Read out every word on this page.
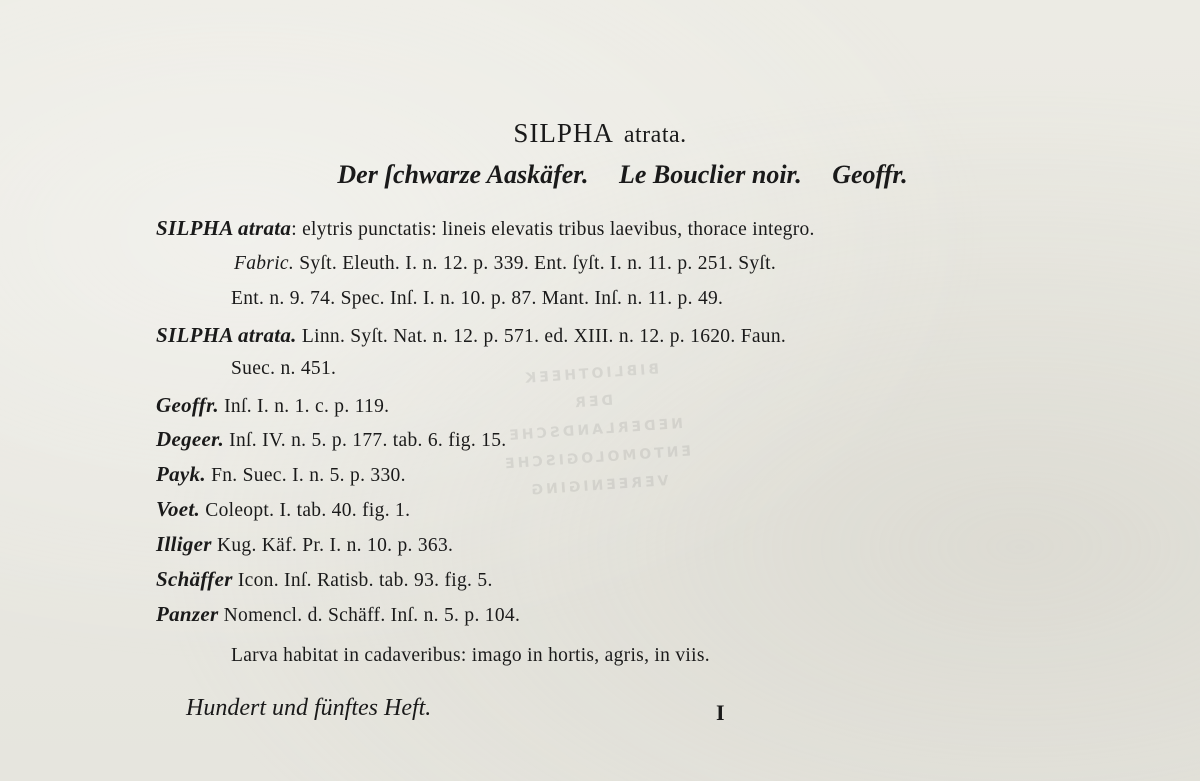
BIBLIOTHEEK
DER
NEDERLANDSCHE
ENTOMOLOGISCHE
VEREENIGING
SILPHA atrata.
Der ſchwarze Aaskäfer. Le Bouclier noir. Geoffr.
SILPHA atrata: elytris punctatis: lineis elevatis tribus laevibus, thorace integro.
Fabric. Syſt. Eleuth. I. n. 12. p. 339. Ent. ſyſt. I. n. 11. p. 251. Syſt.
Ent. n. 9. 74. Spec. Inſ. I. n. 10. p. 87. Mant. Inſ. n. 11. p. 49.
SILPHA atrata. Linn. Syſt. Nat. n. 12. p. 571. ed. XIII. n. 12. p. 1620. Faun.
Suec. n. 451.
Geoffr. Inſ. I. n. 1. c. p. 119.
Degeer. Inſ. IV. n. 5. p. 177. tab. 6. fig. 15.
Payk. Fn. Suec. I. n. 5. p. 330.
Voet. Coleopt. I. tab. 40. fig. 1.
Illiger Kug. Käf. Pr. I. n. 10. p. 363.
Schäffer Icon. Inſ. Ratisb. tab. 93. fig. 5.
Panzer Nomencl. d. Schäff. Inſ. n. 5. p. 104.
Larva habitat in cadaveribus: imago in hortis, agris, in viis.
Hundert und fünftes Heft.	I
